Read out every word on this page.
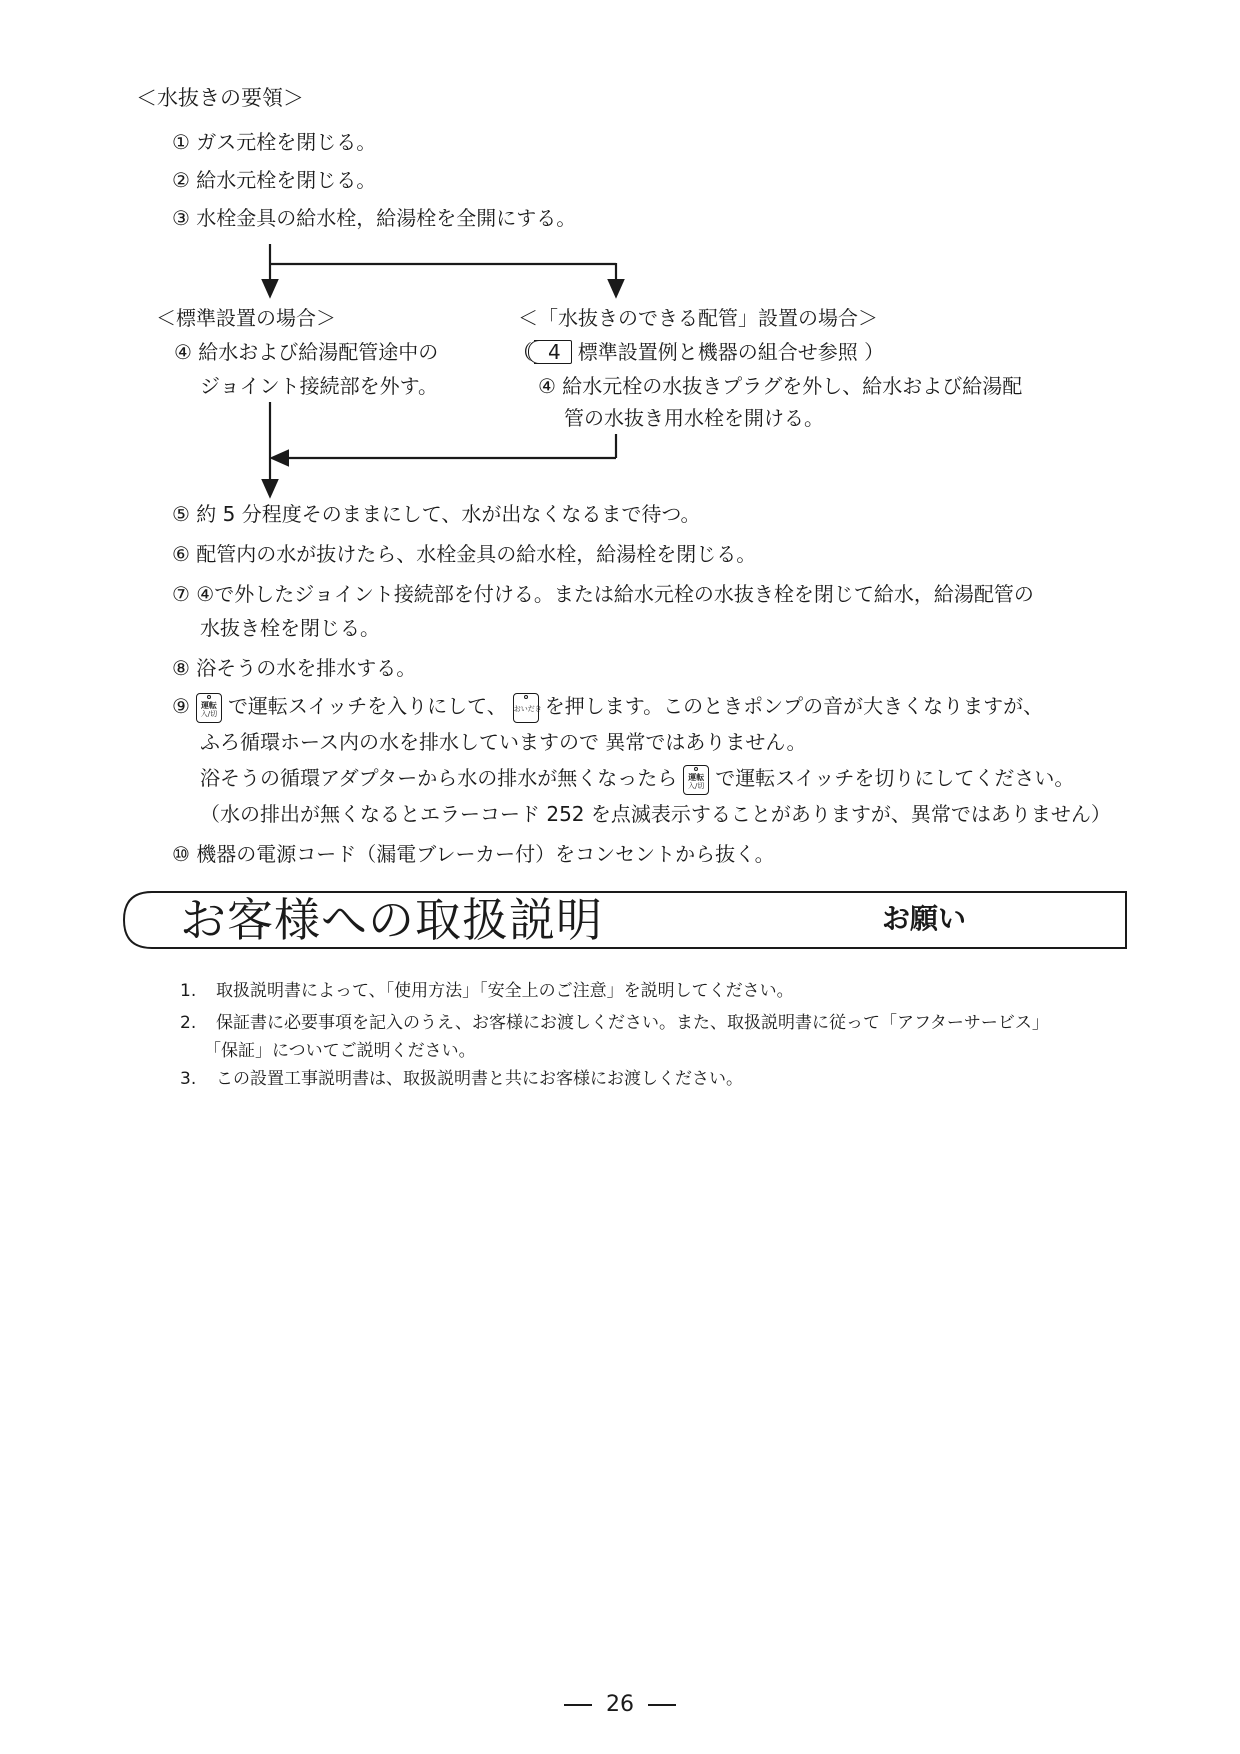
＜水抜きの要領＞
① ガス元栓を閉じる。
② 給水元栓を閉じる。
③ 水栓金具の給水栓，給湯栓を全開にする。
＜標準設置の場合＞
④ 給水および給湯配管途中の
ジョイント接続部を外す。
＜「水抜きのできる配管」設置の場合＞
（ 4 標準設置例と機器の組合せ参照 ）
④ 給水元栓の水抜きプラグを外し、給水および給湯配
管の水抜き用水栓を開ける。
⑤ 約 5 分程度そのままにして、水が出なくなるまで待つ。
⑥ 配管内の水が抜けたら、水栓金具の給水栓，給湯栓を閉じる。
⑦ ④で外したジョイント接続部を付ける。または給水元栓の水抜き栓を閉じて給水，給湯配管の
水抜き栓を閉じる。
⑧ 浴そうの水を排水する。
⑨	運転
入/切 で運転スイッチを入りにして、 おいだき を押します。このときポンプの音が大きくなりますが、
ふろ循環ホース内の水を排水していますので 異常ではありません。
浴そうの循環アダプターから水の排水が無くなったら	運転
入/切 で運転スイッチを切りにしてください。
（水の排出が無くなるとエラーコード 252 を点滅表示することがありますが、異常ではありません）
⑩ 機器の電源コード（漏電ブレーカー付）をコンセントから抜く。
お客様への取扱説明	お願い
1. 取扱説明書によって、「使用方法」「安全上のご注意」を説明してください。
2. 保証書に必要事項を記入のうえ、お客様にお渡しください。また、取扱説明書に従って「アフターサービス」
「保証」についてご説明ください。
3. この設置工事説明書は、取扱説明書と共にお客様にお渡しください。
26
